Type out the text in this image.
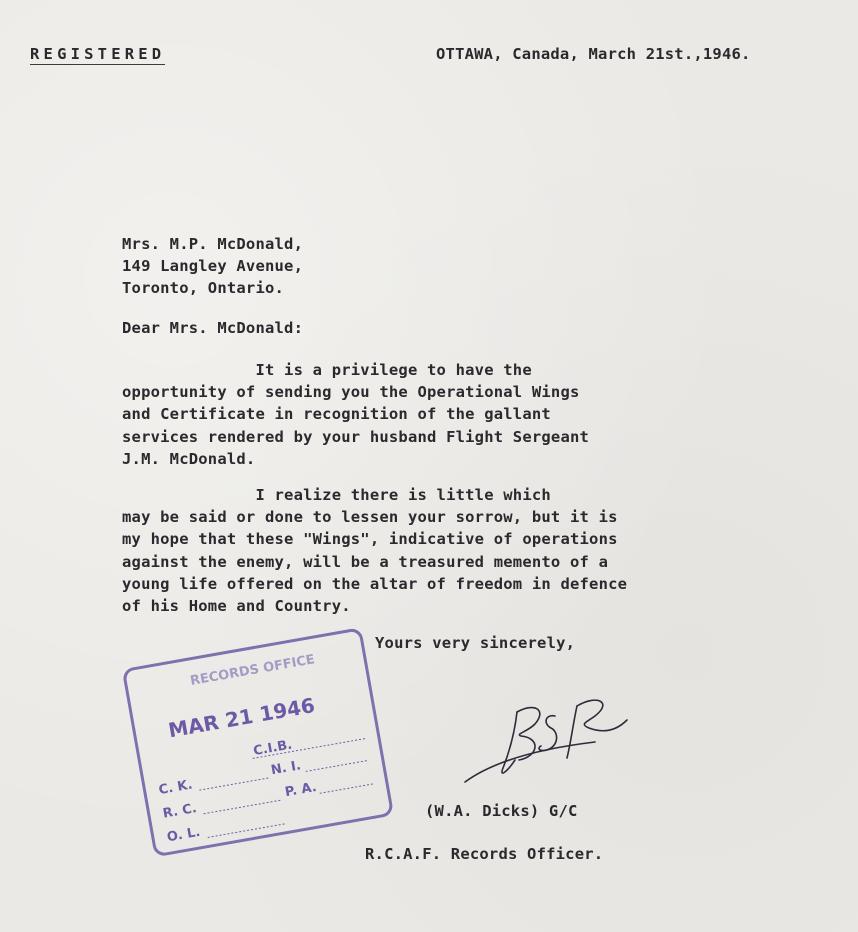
REGISTERED	OTTAWA, Canada, March 21st.,1946.
Mrs. M.P. McDonald,
149 Langley Avenue,
Toronto, Ontario.
Dear Mrs. McDonald:
It is a privilege to have the
opportunity of sending you the Operational Wings
and Certificate in recognition of the gallant
services rendered by your husband Flight Sergeant
J.M. McDonald.
I realize there is little which
may be said or done to lessen your sorrow, but it is
my hope that these "Wings", indicative of operations
against the enemy, will be a treasured memento of a
young life offered on the altar of freedom in defence
of his Home and Country.
Yours very sincerely,
RECORDS OFFICE
MAR 21 1946
C.I.B.
C. K.
N. I.
R. C.
P. A.
O. L.
(W.A. Dicks) G/C
R.C.A.F. Records Officer.
